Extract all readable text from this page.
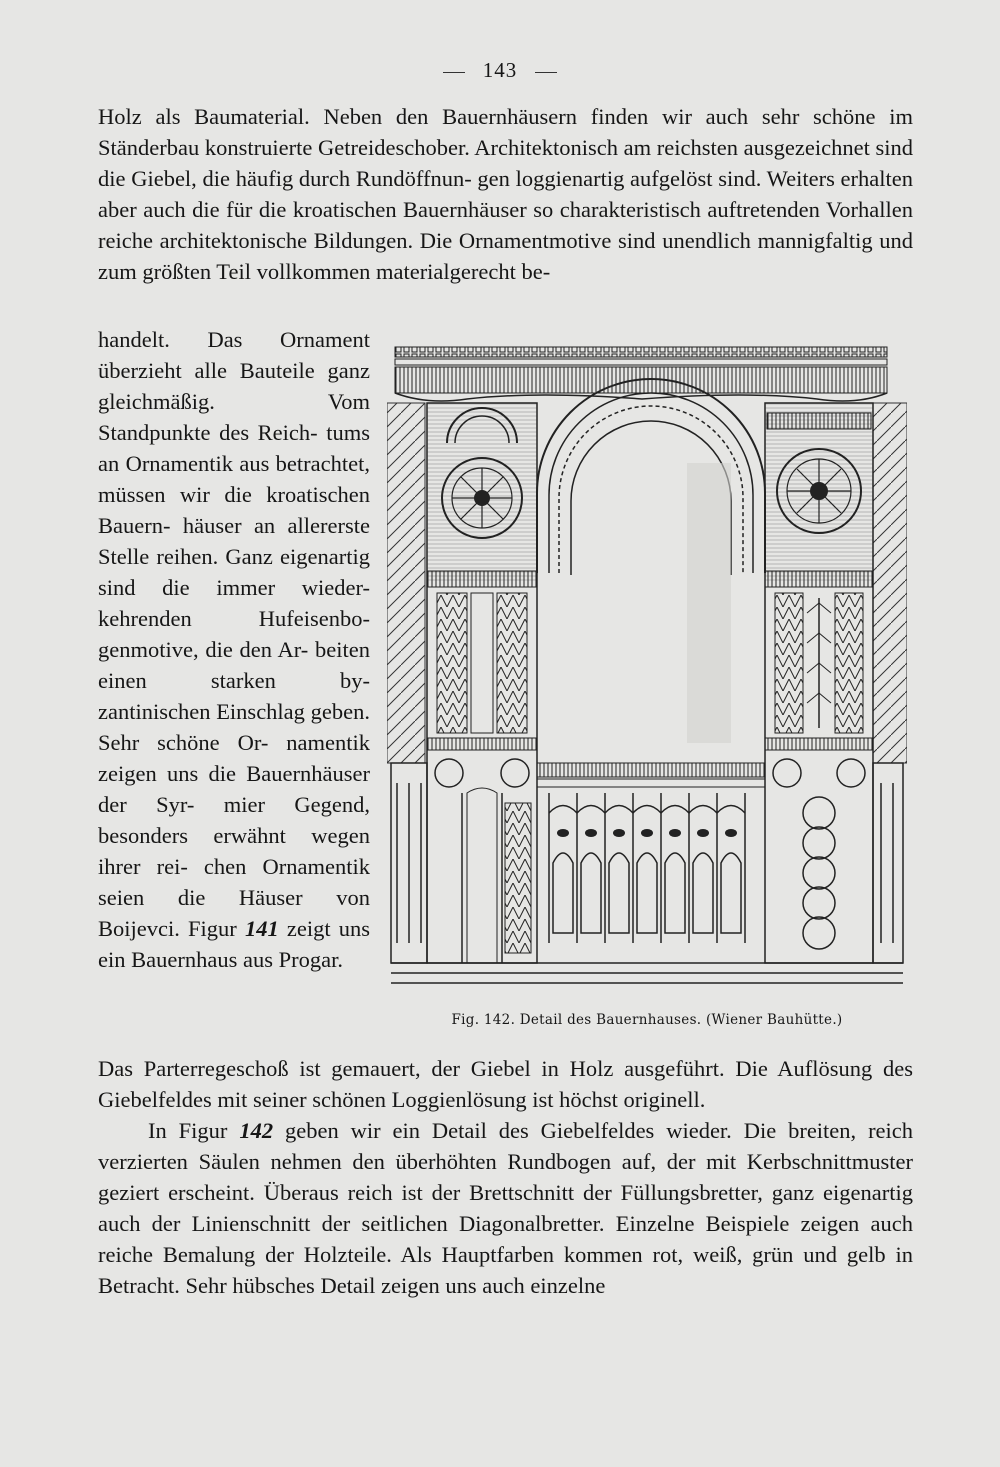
143
Holz als Baumaterial. Neben den Bauernhäusern finden wir auch sehr schöne im Ständerbau konstruierte Getreideschober. Architektonisch am reichsten ausgezeichnet sind die Giebel, die häufig durch Rundöffnun- gen loggienartig aufgelöst sind. Weiters erhalten aber auch die für die kroatischen Bauernhäuser so charakteristisch auftretenden Vorhallen reiche architektonische Bildungen. Die Ornamentmotive sind unendlich mannigfaltig und zum größten Teil vollkommen materialgerecht be-
handelt. Das Ornament überzieht alle Bauteile ganz gleichmäßig. Vom Standpunkte des Reich- tums an Ornamentik aus betrachtet, müssen wir die kroatischen Bauern- häuser an allererste Stelle reihen. Ganz eigenartig sind die immer wieder- kehrenden Hufeisenbo- genmotive, die den Ar- beiten einen starken by- zantinischen Einschlag geben. Sehr schöne Or- namentik zeigen uns die Bauernhäuser der Syr- mier Gegend, besonders erwähnt wegen ihrer rei- chen Ornamentik seien die Häuser von Boijevci. Figur 141 zeigt uns ein Bauernhaus aus Progar.
Fig. 142. Detail des Bauernhauses. (Wiener Bauhütte.)
Das Parterregeschoß ist gemauert, der Giebel in Holz ausgeführt. Die Auflösung des Giebelfeldes mit seiner schönen Loggienlösung ist höchst originell.
In Figur 142 geben wir ein Detail des Giebelfeldes wieder. Die breiten, reich verzierten Säulen nehmen den überhöhten Rundbogen auf, der mit Kerbschnittmuster geziert erscheint. Überaus reich ist der Brettschnitt der Füllungsbretter, ganz eigenartig auch der Linienschnitt der seitlichen Diagonalbretter. Einzelne Beispiele zeigen auch reiche Bemalung der Holzteile. Als Hauptfarben kommen rot, weiß, grün und gelb in Betracht. Sehr hübsches Detail zeigen uns auch einzelne
